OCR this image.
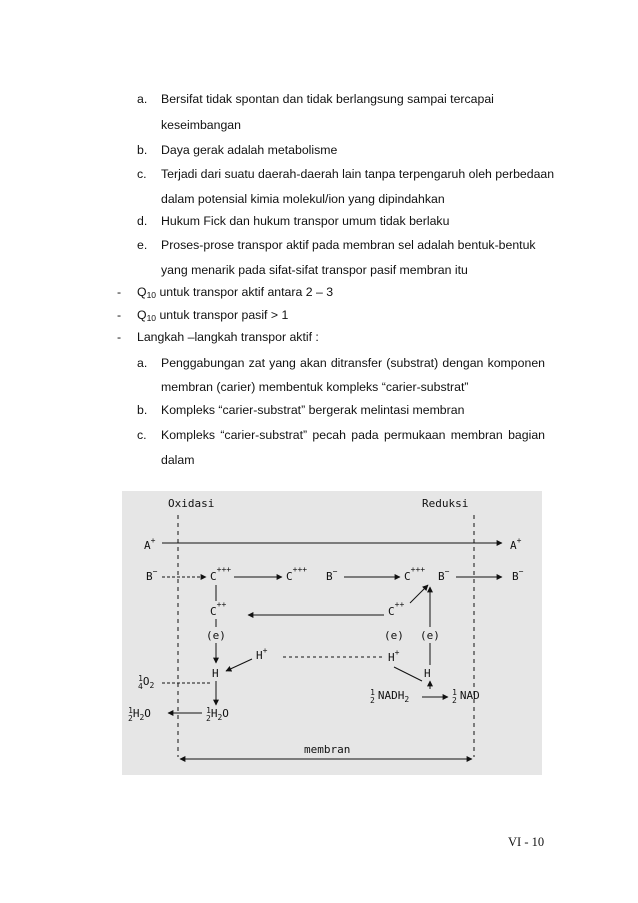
a. Bersifat tidak spontan dan tidak berlangsung sampai tercapai
keseimbangan
b. Daya gerak adalah metabolisme
c. Terjadi dari suatu daerah-daerah lain tanpa terpengaruh oleh perbedaan
dalam potensial kimia molekul/ion yang dipindahkan
d. Hukum Fick dan hukum transpor umum tidak berlaku
e. Proses-prose transpor aktif pada membran sel adalah bentuk-bentuk
yang menarik pada sifat-sifat transpor pasif membran itu
- $Q_{10}$ untuk transpor aktif antara 2 – 3
- $Q_{10}$ untuk transpor pasif > 1
- Langkah –langkah transpor aktif :
a. Penggabungan zat yang akan ditransfer (substrat) dengan komponen
membran (carier) membentuk kompleks “carier-substrat”
b. Kompleks “carier-substrat” bergerak melintasi membran
c. Kompleks “carier-substrat” pecah pada permukaan membran bagian
dalam
Oxidasi	Reduksi
A+	A+
B−	C+++
C+++
B−	C+++
B−	B−
C++
(e)
H
C++
(e) (e)
H+
H
H+
$^1$ $4O_2$
$^1$ $2H_2O$	$^1$ $2H_2O$
$^1$ 2 $NADH_2$
$^1$ 2 NAD
membran
VI - 10
